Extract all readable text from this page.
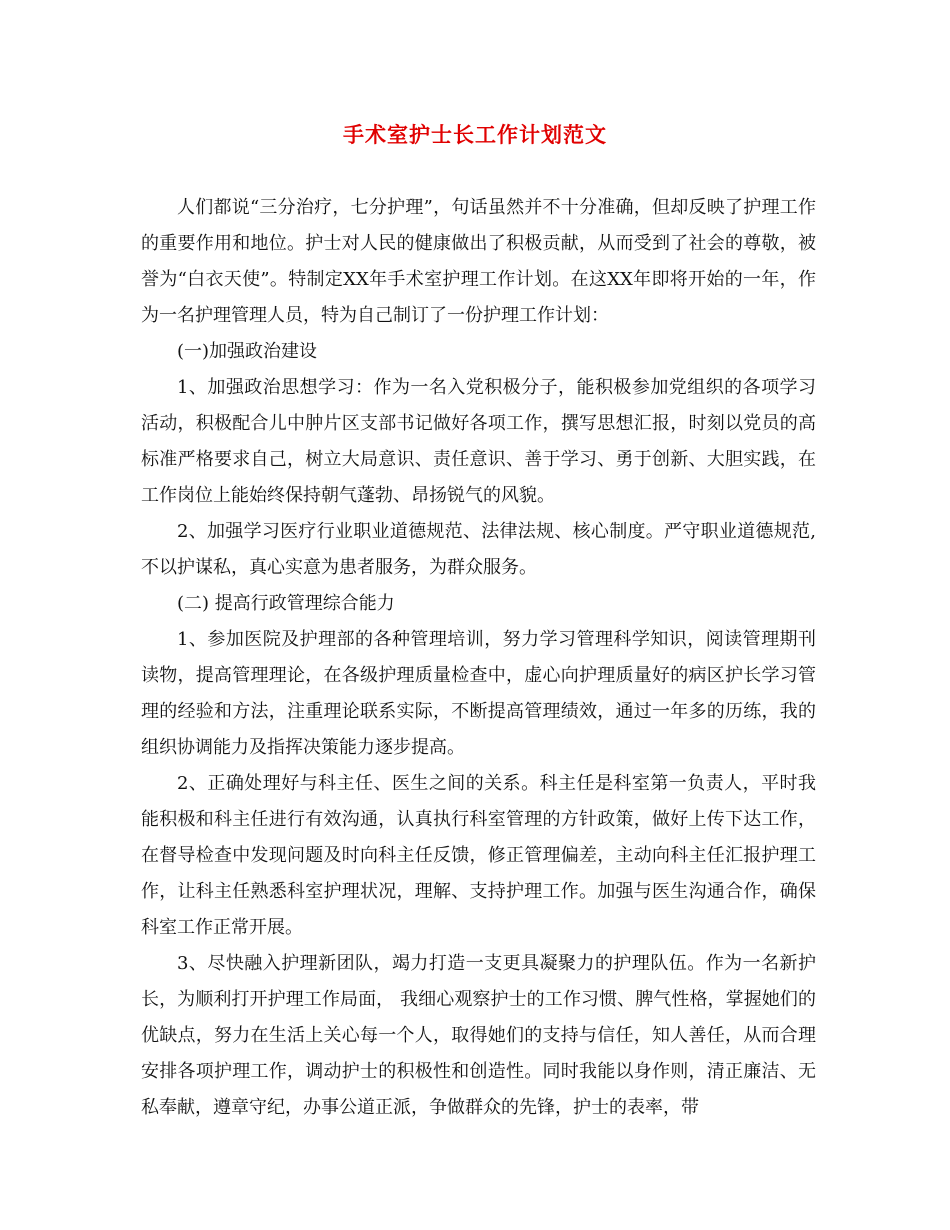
手术室护士长工作计划范文

人们都说“三分治疗，七分护理”，句话虽然并不十分准确，但却反映了护理工作的重要作用和地位。护士对人民的健康做出了积极贡献，从而受到了社会的尊敬，被誉为“白衣天使”。特制定XX年手术室护理工作计划。在这XX年即将开始的一年，作为一名护理管理人员，特为自己制订了一份护理工作计划：

(一)加强政治建设

1、加强政治思想学习：作为一名入党积极分子，能积极参加党组织的各项学习活动，积极配合儿中肿片区支部书记做好各项工作，撰写思想汇报，时刻以党员的高标准严格要求自己，树立大局意识、责任意识、善于学习、勇于创新、大胆实践，在工作岗位上能始终保持朝气蓬勃、昂扬锐气的风貌。

2、加强学习医疗行业职业道德规范、法律法规、核心制度。严守职业道德规范,不以护谋私，真心实意为患者服务，为群众服务。

(二) 提高行政管理综合能力

1、参加医院及护理部的各种管理培训，努力学习管理科学知识，阅读管理期刊读物，提高管理理论，在各级护理质量检查中，虚心向护理质量好的病区护长学习管理的经验和方法，注重理论联系实际，不断提高管理绩效，通过一年多的历练，我的组织协调能力及指挥决策能力逐步提高。

2、正确处理好与科主任、医生之间的关系。科主任是科室第一负责人，平时我能积极和科主任进行有效沟通，认真执行科室管理的方针政策，做好上传下达工作，在督导检查中发现问题及时向科主任反馈，修正管理偏差，主动向科主任汇报护理工作，让科主任熟悉科室护理状况，理解、支持护理工作。加强与医生沟通合作，确保科室工作正常开展。

3、尽快融入护理新团队，竭力打造一支更具凝聚力的护理队伍。作为一名新护长，为顺利打开护理工作局面， 我细心观察护士的工作习惯、脾气性格，掌握她们的优缺点，努力在生活上关心每一个人，取得她们的支持与信任，知人善任，从而合理安排各项护理工作，调动护士的积极性和创造性。同时我能以身作则，清正廉洁、无私奉献，遵章守纪，办事公道正派，争做群众的先锋，护士的表率，带
